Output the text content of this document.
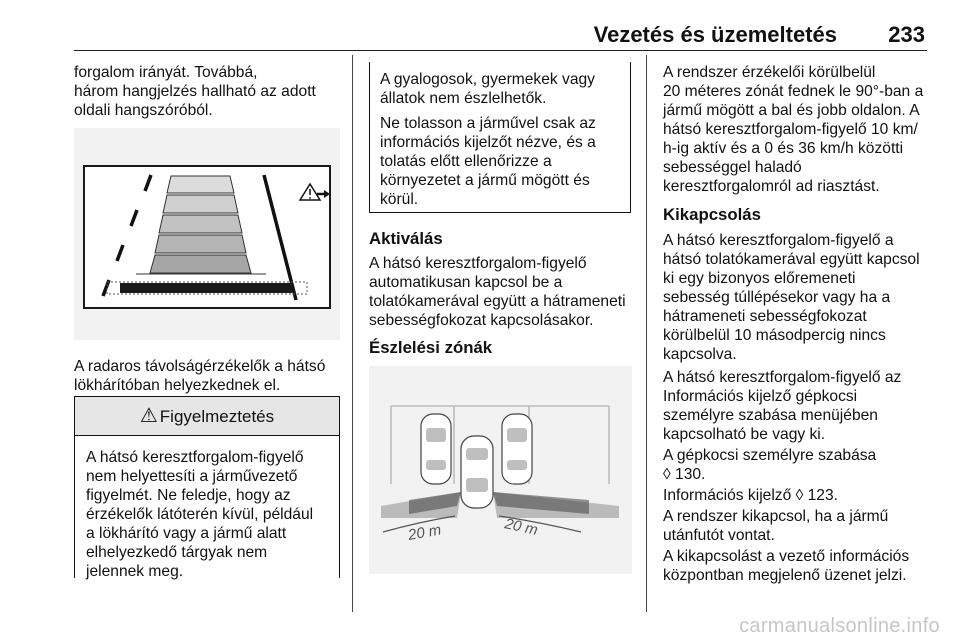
Vezetés és üzemeltetés 233

forgalom irányát. Továbbá,

három hangjelzés hallható az adott

oldali hangszóróból.

A radaros távolságérzékelők a hátsó

lökhárítóban helyezkednek el.

⚠ Figyelmeztetés
A hátsó keresztforgalom-figyelő
nem helyettesíti a járművezető
figyelmét. Ne feledje, hogy az
érzékelők látóterén kívül, például
a lökhárító vagy a jármű alatt
elhelyezkedő tárgyak nem
jelennek meg.

A gyalogosok, gyermekek vagy
állatok nem észlelhetők.

Ne tolasson a járművel csak az
információs kijelzőt nézve, és a
tolatás előtt ellenőrizze a
környezetet a jármű mögött és
körül.

Aktiválás

A hátsó keresztforgalom-figyelő

automatikusan kapcsol be a

tolatókamerával együtt a hátrameneti

sebességfokozat kapcsolásakor.

Észlelési zónák
20 m	20 m

A rendszer érzékelői körülbelül

20 méteres zónát fednek le 90°-ban a

jármű mögött a bal és jobb oldalon. A

hátsó keresztforgalom-figyelő 10 km/

h-ig aktív és a 0 és 36 km/h közötti

sebességgel haladó

keresztforgalomról ad riasztást.

Kikapcsolás

A hátsó keresztforgalom-figyelő a

hátsó tolatókamerával együtt kapcsol

ki egy bizonyos előremeneti

sebesség túllépésekor vagy ha a

hátrameneti sebességfokozat

körülbelül 10 másodpercig nincs

kapcsolva.

A hátsó keresztforgalom-figyelő az

Információs kijelző gépkocsi

személyre szabása menüjében

kapcsolható be vagy ki.

A gépkocsi személyre szabása

◊ 130.

Információs kijelző ◊ 123.

A rendszer kikapcsol, ha a jármű

utánfutót vontat.

A kikapcsolást a vezető információs

központban megjelenő üzenet jelzi.

carmanualsonline.info
